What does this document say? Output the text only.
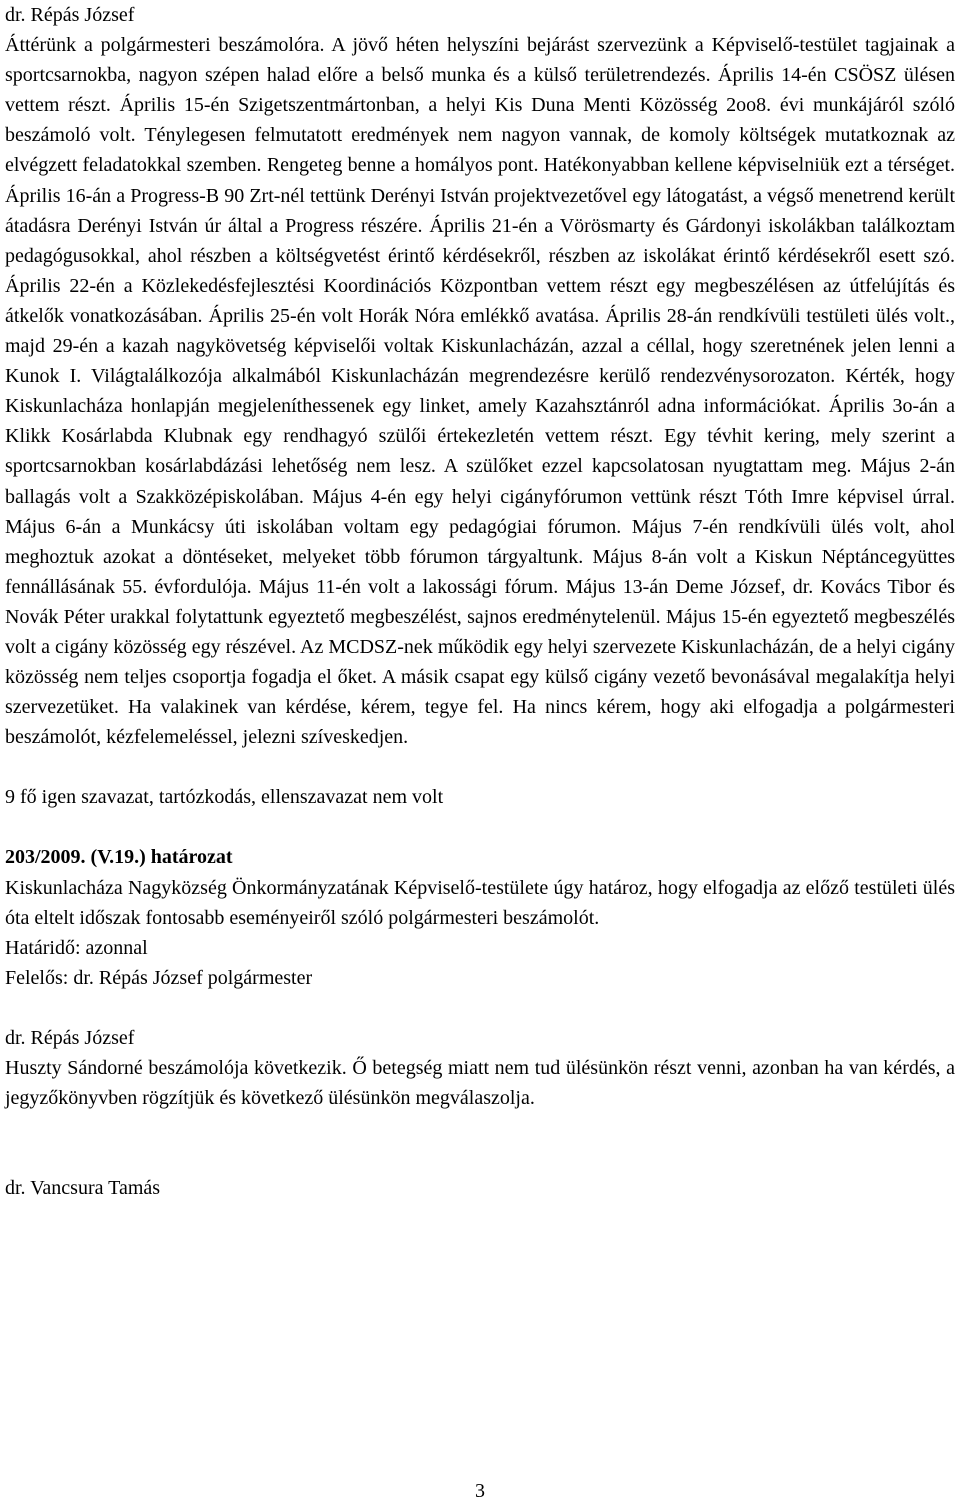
dr. Répás József

Áttérünk a polgármesteri beszámolóra. A jövő héten helyszíni bejárást szervezünk a Képviselő-testület tagjainak a sportcsarnokba, nagyon szépen halad előre a belső munka és a külső területrendezés. Április 14-én CSÖSZ ülésen vettem részt. Április 15-én Szigetszentmártonban, a helyi Kis Duna Menti Közösség 2oo8. évi munkájáról szóló beszámoló volt. Ténylegesen felmutatott eredmények nem nagyon vannak, de komoly költségek mutatkoznak az elvégzett feladatokkal szemben. Rengeteg benne a homályos pont. Hatékonyabban kellene képviselniük ezt a térséget. Április 16-án a Progress-B 90 Zrt-nél tettünk Derényi István projektvezetővel egy látogatást, a végső menetrend került átadásra Derényi István úr által a Progress részére. Április 21-én a Vörösmarty és Gárdonyi iskolákban találkoztam pedagógusokkal, ahol részben a költségvetést érintő kérdésekről, részben az iskolákat érintő kérdésekről esett szó. Április 22-én a Közlekedésfejlesztési Koordinációs Központban vettem részt egy megbeszélésen az útfelújítás és átkelők vonatkozásában. Április 25-én volt Horák Nóra emlékkő avatása. Április 28-án rendkívüli testületi ülés volt., majd 29-én a kazah nagykövetség képviselői voltak Kiskunlacházán, azzal a céllal, hogy szeretnének jelen lenni a Kunok I. Világtalálkozója alkalmából Kiskunlacházán megrendezésre kerülő rendezvénysorozaton. Kérték, hogy Kiskunlacháza honlapján megjeleníthessenek egy linket, amely Kazahsztánról adna információkat. Április 3o-án a Klikk Kosárlabda Klubnak egy rendhagyó szülői értekezletén vettem részt. Egy tévhit kering, mely szerint a sportcsarnokban kosárlabdázási lehetőség nem lesz. A szülőket ezzel kapcsolatosan nyugtattam meg. Május 2-án ballagás volt a Szakközépiskolában. Május 4-én egy helyi cigányfórumon vettünk részt Tóth Imre képvisel úrral. Május 6-án a Munkácsy úti iskolában voltam egy pedagógiai fórumon. Május 7-én rendkívüli ülés volt, ahol meghoztuk azokat a döntéseket, melyeket több fórumon tárgyaltunk. Május 8-án volt a Kiskun Néptáncegyüttes fennállásának 55. évfordulója. Május 11-én volt a lakossági fórum. Május 13-án Deme József, dr. Kovács Tibor és Novák Péter urakkal folytattunk egyeztető megbeszélést, sajnos eredménytelenül. Május 15-én egyeztető megbeszélés volt a cigány közösség egy részével. Az MCDSZ-nek működik egy helyi szervezete Kiskunlacházán, de a helyi cigány közösség nem teljes csoportja fogadja el őket. A másik csapat egy külső cigány vezető bevonásával megalakítja helyi szervezetüket. Ha valakinek van kérdése, kérem, tegye fel. Ha nincs kérem, hogy aki elfogadja a polgármesteri beszámolót, kézfelemeléssel, jelezni szíveskedjen.

9 fő igen szavazat, tartózkodás, ellenszavazat nem volt

203/2009. (V.19.) határozat

Kiskunlacháza Nagyközség Önkormányzatának Képviselő-testülete úgy határoz, hogy elfogadja az előző testületi ülés óta eltelt időszak fontosabb eseményeiről szóló polgármesteri beszámolót.

Határidő: azonnal

Felelős: dr. Répás József polgármester

dr. Répás József

Huszty Sándorné beszámolója következik. Ő betegség miatt nem tud ülésünkön részt venni, azonban ha van kérdés, a jegyzőkönyvben rögzítjük és következő ülésünkön megválaszolja.

dr. Vancsura Tamás

3
